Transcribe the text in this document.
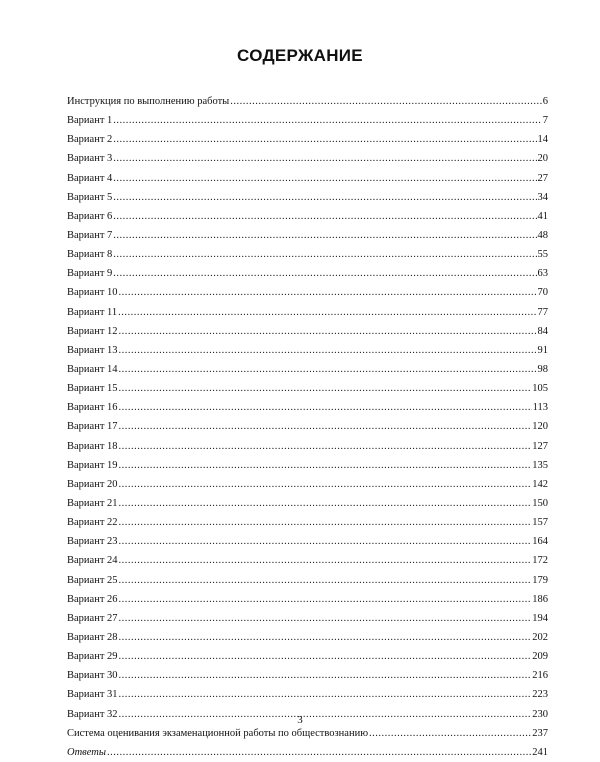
СОДЕРЖАНИЕ
Инструкция по выполнению работы .....	6
Вариант 1 .....	7
Вариант 2 .....	14
Вариант 3 .....	20
Вариант 4 .....	27
Вариант 5 .....	34
Вариант 6 .....	41
Вариант 7 .....	48
Вариант 8 .....	55
Вариант 9 .....	63
Вариант 10 .....	70
Вариант 11 .....	77
Вариант 12 .....	84
Вариант 13 .....	91
Вариант 14 .....	98
Вариант 15 .....	105
Вариант 16 .....	113
Вариант 17 .....	120
Вариант 18 .....	127
Вариант 19 .....	135
Вариант 20 .....	142
Вариант 21 .....	150
Вариант 22 .....	157
Вариант 23 .....	164
Вариант 24 .....	172
Вариант 25 .....	179
Вариант 26 .....	186
Вариант 27 .....	194
Вариант 28 .....	202
Вариант 29 .....	209
Вариант 30 .....	216
Вариант 31 .....	223
Вариант 32 .....	230
Система оценивания экзаменационной работы по обществознанию .....	237
Ответы .....	241
3
